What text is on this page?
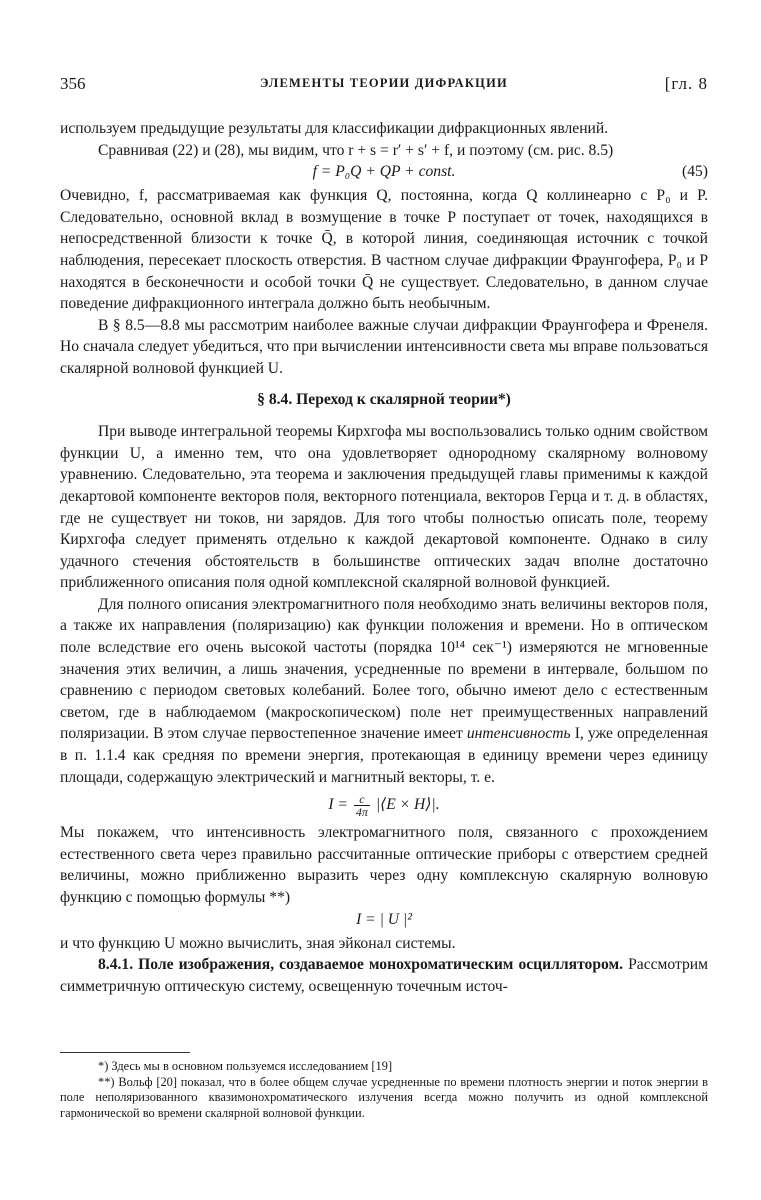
356	ЭЛЕМЕНТЫ ТЕОРИИ ДИФРАКЦИИ	[гл. 8

используем предыдущие результаты для классификации дифракционных явлений.

Сравнивая (22) и (28), мы видим, что r + s = r′ + s′ + f, и поэтому (см. рис. 8.5)

f = P₀Q + QP + const.	(45)

Очевидно, f, рассматриваемая как функция Q, постоянна, когда Q коллинеарно с P₀ и P. Следовательно, основной вклад в возмущение в точке P поступает от точек, находящихся в непосредственной близости к точке Q̄, в которой линия, соединяющая источник с точкой наблюдения, пересекает плоскость отверстия. В частном случае дифракции Фраунгофера, P₀ и P находятся в бесконечности и особой точки Q̄ не существует. Следовательно, в данном случае поведение дифракционного интеграла должно быть необычным.

В § 8.5—8.8 мы рассмотрим наиболее важные случаи дифракции Фраунгофера и Френеля. Но сначала следует убедиться, что при вычислении интенсивности света мы вправе пользоваться скалярной волновой функцией U.

§ 8.4. Переход к скалярной теории*)

При выводе интегральной теоремы Кирхгофа мы воспользовались только одним свойством функции U, а именно тем, что она удовлетворяет однородному скалярному волновому уравнению. Следовательно, эта теорема и заключения предыдущей главы применимы к каждой декартовой компоненте векторов поля, векторного потенциала, векторов Герца и т. д. в областях, где не существует ни токов, ни зарядов. Для того чтобы полностью описать поле, теорему Кирхгофа следует применять отдельно к каждой декартовой компоненте. Однако в силу удачного стечения обстоятельств в большинстве оптических задач вполне достаточно приближенного описания поля одной комплексной скалярной волновой функцией.

Для полного описания электромагнитного поля необходимо знать величины векторов поля, а также их направления (поляризацию) как функции положения и времени. Но в оптическом поле вследствие его очень высокой частоты (порядка 10¹⁴ сек⁻¹) измеряются не мгновенные значения этих величин, а лишь значения, усредненные по времени в интервале, большом по сравнению с периодом световых колебаний. Более того, обычно имеют дело с естественным светом, где в наблюдаемом (макроскопическом) поле нет преимущественных направлений поляризации. В этом случае первостепенное значение имеет интенсивность I, уже определенная в п. 1.1.4 как средняя по времени энергия, протекающая в единицу времени через единицу площади, содержащую электрический и магнитный векторы, т. е.

$I = \frac{c}{4\pi}$ |⟨E × H⟩|.

Мы покажем, что интенсивность электромагнитного поля, связанного с прохождением естественного света через правильно рассчитанные оптические приборы с отверстием средней величины, можно приближенно выразить через одну комплексную скалярную волновую функцию с помощью формулы **)

I = | U |²

и что функцию U можно вычислить, зная эйконал системы.

8.4.1. Поле изображения, создаваемое монохроматическим осциллятором. Рассмотрим симметричную оптическую систему, освещенную точечным источ-

*) Здесь мы в основном пользуемся исследованием [19]

**) Вольф [20] показал, что в более общем случае усредненные по времени плотность энергии и поток энергии в поле неполяризованного квазимонохроматического излучения всегда можно получить из одной комплексной гармонической во времени скалярной волновой функции.
